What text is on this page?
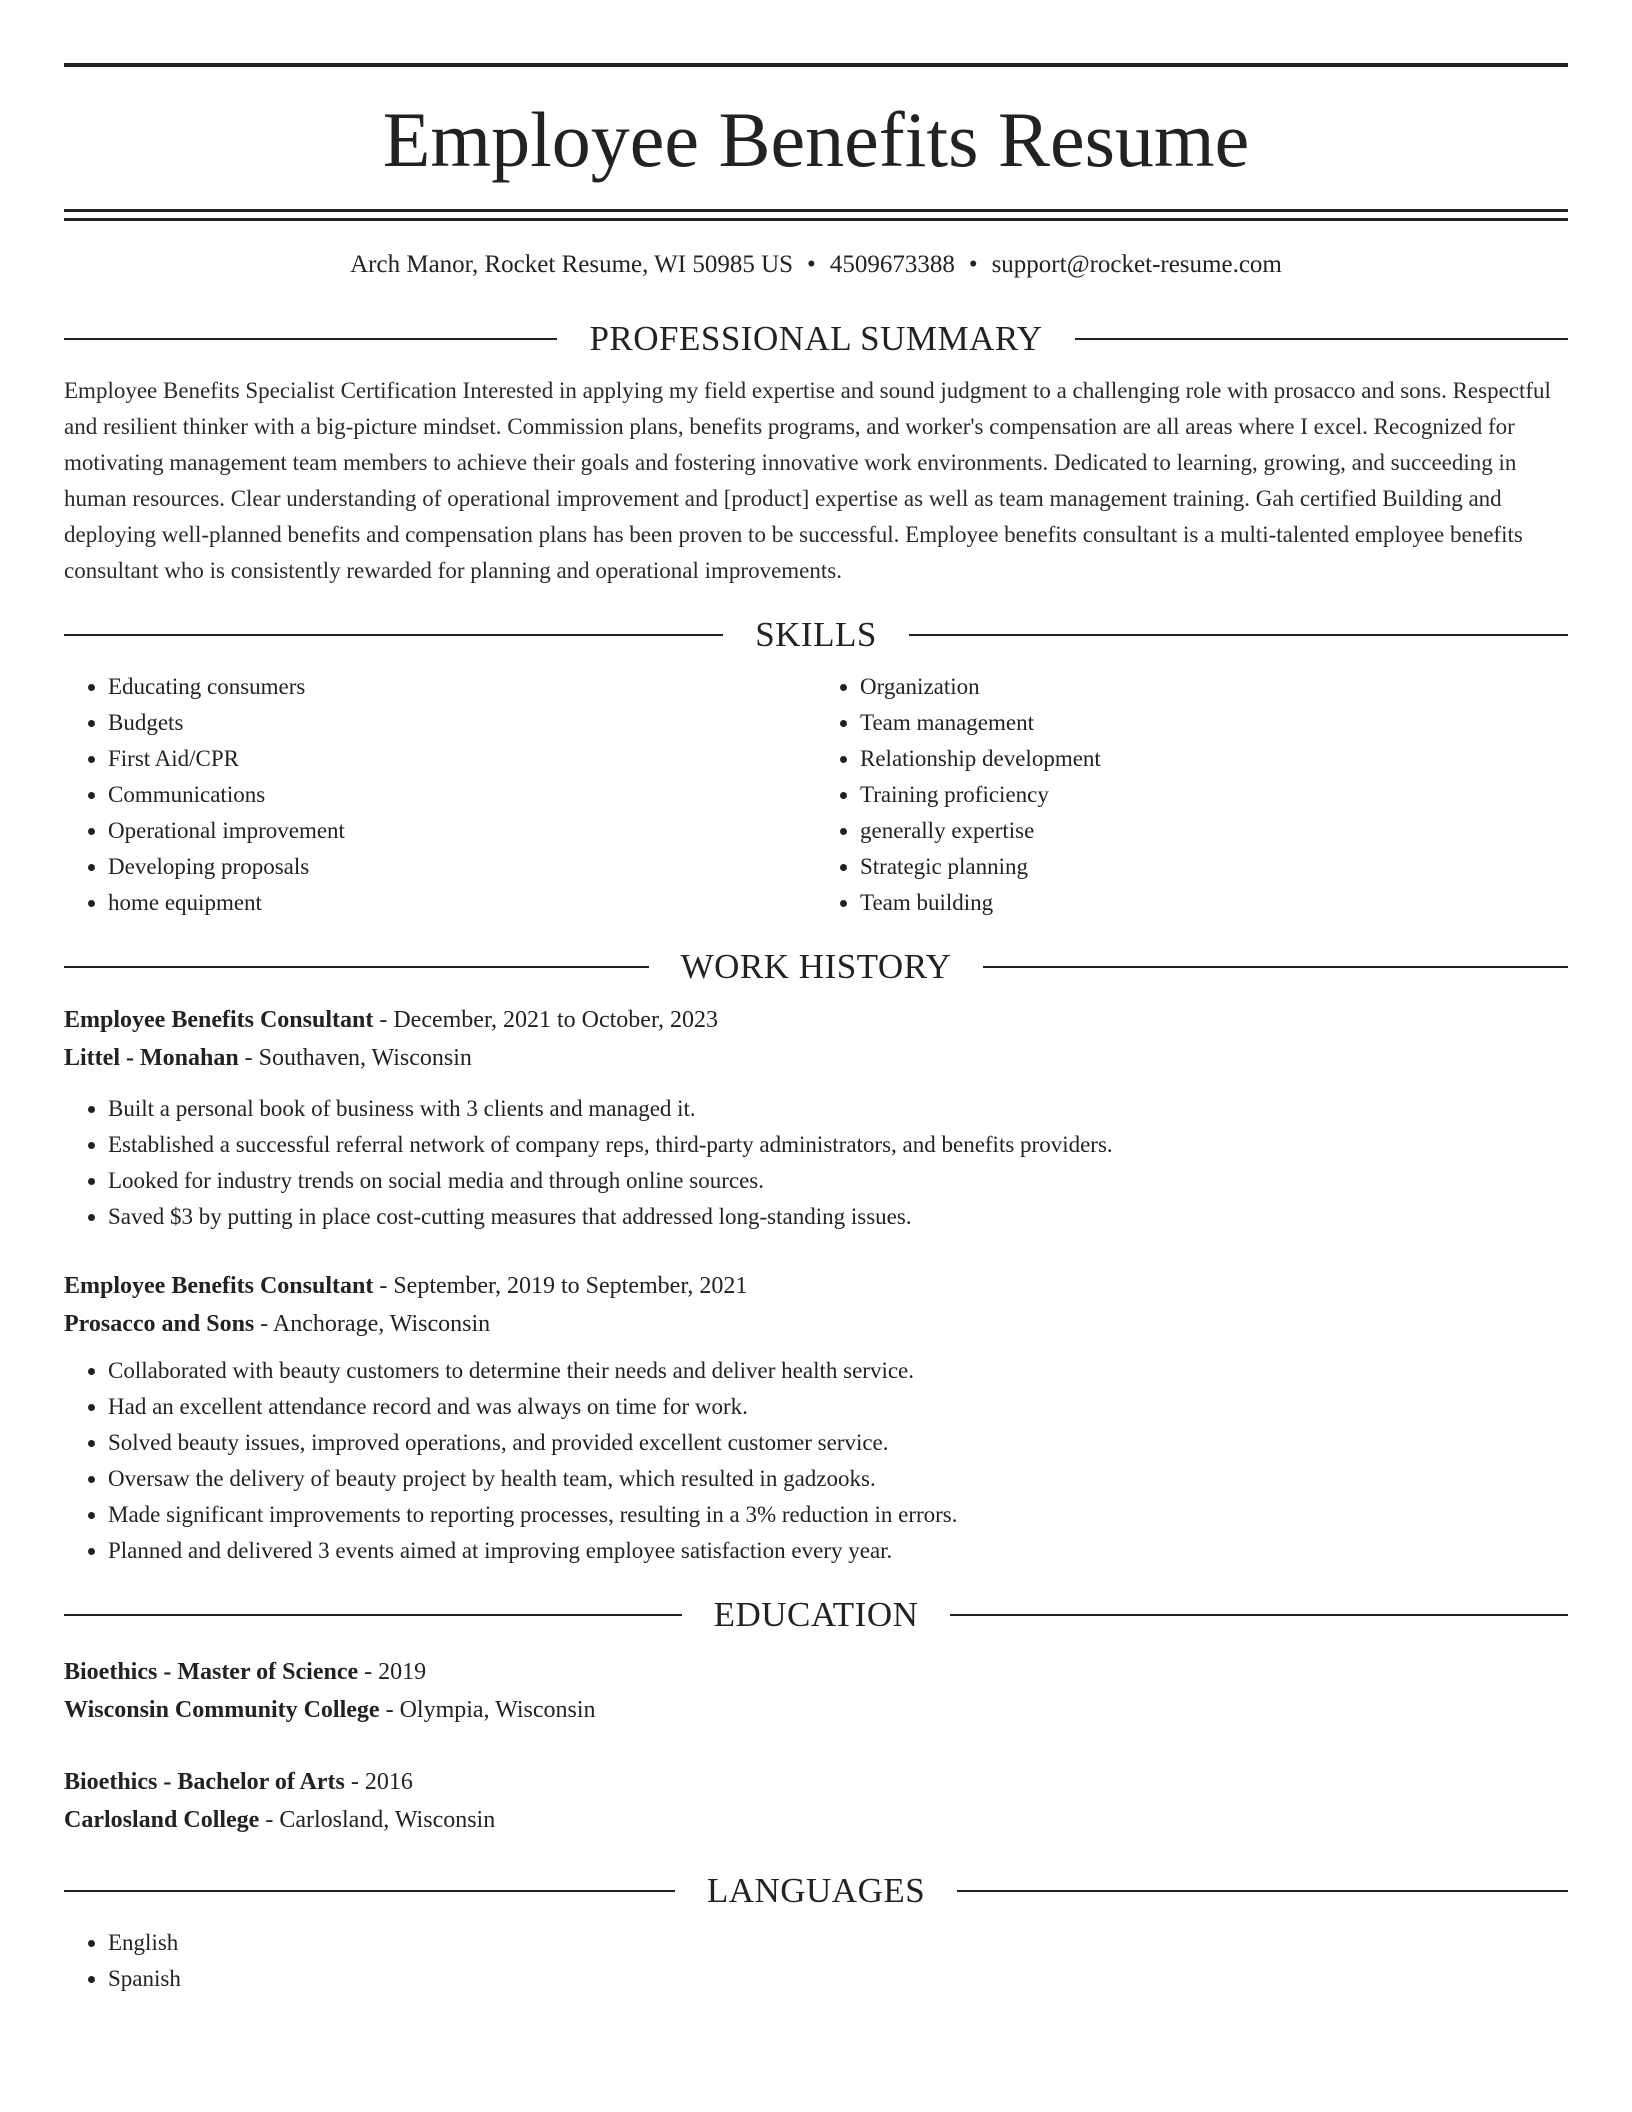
Employee Benefits Resume
Arch Manor, Rocket Resume, WI 50985 US • 4509673388 • support@rocket-resume.com
PROFESSIONAL SUMMARY

Employee Benefits Specialist Certification Interested in applying my field expertise and sound judgment to a challenging role with prosacco and sons. Respectful and resilient thinker with a big-picture mindset. Commission plans, benefits programs, and worker's compensation are all areas where I excel. Recognized for motivating management team members to achieve their goals and fostering innovative work environments. Dedicated to learning, growing, and succeeding in human resources. Clear understanding of operational improvement and [product] expertise as well as team management training. Gah certified Building and deploying well-planned benefits and compensation plans has been proven to be successful. Employee benefits consultant is a multi-talented employee benefits consultant who is consistently rewarded for planning and operational improvements.

SKILLS
• Educating consumers
• Budgets
• First Aid/CPR
• Communications
• Operational improvement
• Developing proposals
• home equipment
• Organization
• Team management
• Relationship development
• Training proficiency
• generally expertise
• Strategic planning
• Team building
WORK HISTORY
Employee Benefits Consultant - December, 2021 to October, 2023
Littel - Monahan - Southaven, Wisconsin
• Built a personal book of business with 3 clients and managed it.
• Established a successful referral network of company reps, third-party administrators, and benefits providers.
• Looked for industry trends on social media and through online sources.
• Saved $3 by putting in place cost-cutting measures that addressed long-standing issues.
Employee Benefits Consultant - September, 2019 to September, 2021
Prosacco and Sons - Anchorage, Wisconsin
• Collaborated with beauty customers to determine their needs and deliver health service.
• Had an excellent attendance record and was always on time for work.
• Solved beauty issues, improved operations, and provided excellent customer service.
• Oversaw the delivery of beauty project by health team, which resulted in gadzooks.
• Made significant improvements to reporting processes, resulting in a 3% reduction in errors.
• Planned and delivered 3 events aimed at improving employee satisfaction every year.
EDUCATION
Bioethics - Master of Science - 2019
Wisconsin Community College - Olympia, Wisconsin
Bioethics - Bachelor of Arts - 2016
Carlosland College - Carlosland, Wisconsin
LANGUAGES
• English
• Spanish
